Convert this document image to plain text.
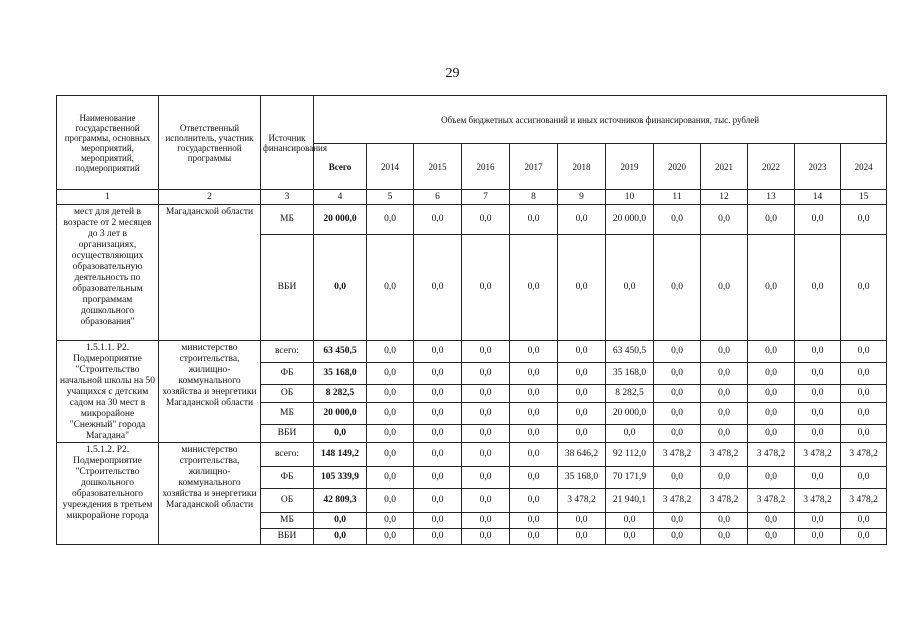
29
Наименование государственной программы, основных мероприятий, мероприятий, подмероприятий	Ответственный исполнитель, участник государственной программы	Источник финансирования	Объем бюджетных ассигнований и иных источников финансирования, тыс. рублей											
			Всего	2014	2015	2016	2017	2018	2019	2020	2021	2022	2023	2024
1	2	3	4	5	6	7	8	9	10	11	12	13	14	15
мест для детей в возрасте от 2 месяцев до 3 лет в организациях, осуществляющих образовательную деятельность по образовательным программам дошкольного образования"	Магаданской области	МБ	20 000,0	0,0	0,0	0,0	0,0	0,0	20 000,0	0,0	0,0	0,0	0,0	0,0
		ВБИ	0,0	0,0	0,0	0,0	0,0	0,0	0,0	0,0	0,0	0,0	0,0	0,0
1.5.1.1. Р2. Подмероприятие "Строительство начальной школы на 50 учащихся с детским садом на 30 мест в микрорайоне "Снежный" города Магадана"	министерство строительства, жилищно-коммунального хозяйства и энергетики Магаданской области	всего:	63 450,5	0,0	0,0	0,0	0,0	0,0	63 450,5	0,0	0,0	0,0	0,0	0,0
		ФБ	35 168,0	0,0	0,0	0,0	0,0	0,0	35 168,0	0,0	0,0	0,0	0,0	0,0
		ОБ	8 282,5	0,0	0,0	0,0	0,0	0,0	8 282,5	0,0	0,0	0,0	0,0	0,0
		МБ	20 000,0	0,0	0,0	0,0	0,0	0,0	20 000,0	0,0	0,0	0,0	0,0	0,0
		ВБИ	0,0	0,0	0,0	0,0	0,0	0,0	0,0	0,0	0,0	0,0	0,0	0,0
1.5.1.2. Р2. Подмероприятие "Строительство дошкольного образовательного учреждения в третьем микрорайоне города	министерство строительства, жилищно-коммунального хозяйства и энергетики Магаданской области	всего:	148 149,2	0,0	0,0	0,0	0,0	38 646,2	92 112,0	3 478,2	3 478,2	3 478,2	3 478,2	3 478,2
		ФБ	105 339,9	0,0	0,0	0,0	0,0	35 168,0	70 171,9	0,0	0,0	0,0	0,0	0,0
		ОБ	42 809,3	0,0	0,0	0,0	0,0	3 478,2	21 940,1	3 478,2	3 478,2	3 478,2	3 478,2	3 478,2
		МБ	0,0	0,0	0,0	0,0	0,0	0,0	0,0	0,0	0,0	0,0	0,0	0,0
		ВБИ	0,0	0,0	0,0	0,0	0,0	0,0	0,0	0,0	0,0	0,0	0,0	0,0
